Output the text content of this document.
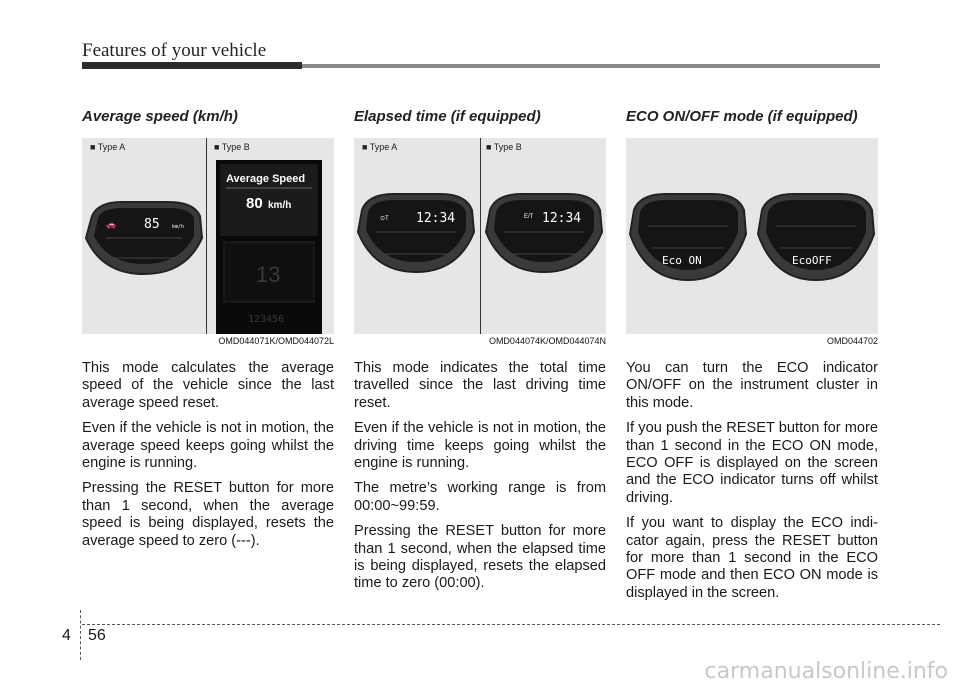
Features of your vehicle
Average speed (km/h)
■ Type A	■ Type B
🚗 85 km/h
Average Speed
80 km/h
13
123456
OMD044071K/OMD044072L

This mode calculates the average speed of the vehicle since the last average speed reset.

Even if the vehicle is not in motion, the average speed keeps going whilst the engine is running.

Pressing the RESET button for more than 1 second, when the average speed is being displayed, resets the average speed to zero (---).

Elapsed time (if equipped)
■ Type A	■ Type B
⊙T 12:34	E/T 12:34
OMD044074K/OMD044074N

This mode indicates the total time travelled since the last driving time reset.

Even if the vehicle is not in motion, the driving time keeps going whilst the engine is running.

The metre’s working range is from 00:00~99:59.

Pressing the RESET button for more than 1 second, when the elapsed time is being displayed, resets the elapsed time to zero (00:00).

ECO ON/OFF mode (if equipped)
Eco ON	EcoOFF
OMD044702

You can turn the ECO indicator ON/OFF on the instrument cluster in this mode.

If you push the RESET button for more than 1 second in the ECO ON mode, ECO OFF is displayed on the screen and the ECO indicator turns off whilst driving.

If you want to display the ECO indi-cator again, press the RESET button for more than 1 second in the ECO OFF mode and then ECO ON mode is displayed in the screen.

4 56
carmanualsonline.info
